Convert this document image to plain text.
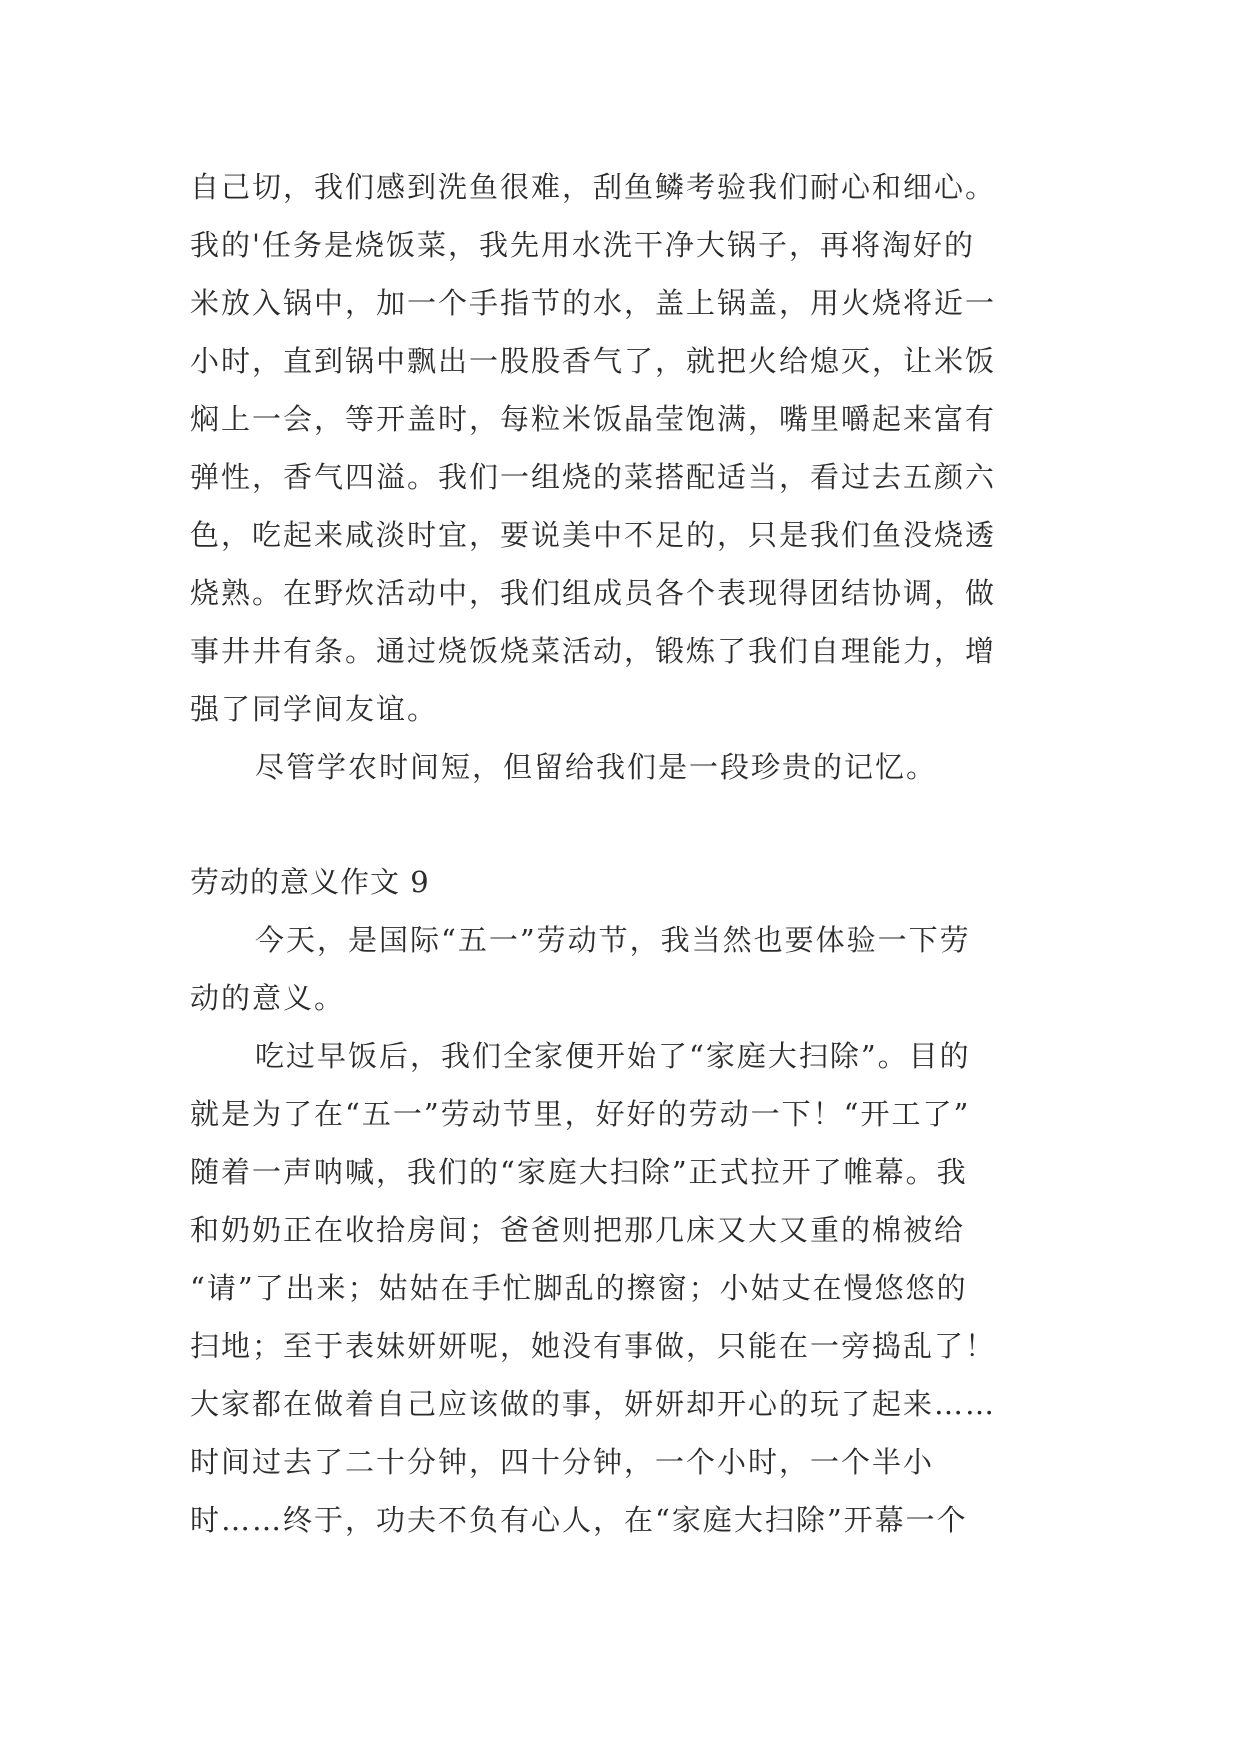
自己切，我们感到洗鱼很难，刮鱼鳞考验我们耐心和细心。
我的'任务是烧饭菜，我先用水洗干净大锅子，再将淘好的
米放入锅中，加一个手指节的水，盖上锅盖，用火烧将近一
小时，直到锅中飘出一股股香气了，就把火给熄灭，让米饭
焖上一会，等开盖时，每粒米饭晶莹饱满，嘴里嚼起来富有
弹性，香气四溢。我们一组烧的菜搭配适当，看过去五颜六
色，吃起来咸淡时宜，要说美中不足的，只是我们鱼没烧透
烧熟。在野炊活动中，我们组成员各个表现得团结协调，做
事井井有条。通过烧饭烧菜活动，锻炼了我们自理能力，增
强了同学间友谊。
尽管学农时间短，但留给我们是一段珍贵的记忆。
劳动的意义作文 9
今天，是国际“五一”劳动节，我当然也要体验一下劳
动的意义。
吃过早饭后，我们全家便开始了“家庭大扫除”。目的
就是为了在“五一”劳动节里，好好的劳动一下！“开工了”
随着一声呐喊，我们的“家庭大扫除”正式拉开了帷幕。我
和奶奶正在收拾房间；爸爸则把那几床又大又重的棉被给
“请”了出来；姑姑在手忙脚乱的擦窗；小姑丈在慢悠悠的
扫地；至于表妹妍妍呢，她没有事做，只能在一旁捣乱了！
大家都在做着自己应该做的事，妍妍却开心的玩了起来……
时间过去了二十分钟，四十分钟，一个小时，一个半小
时……终于，功夫不负有心人，在“家庭大扫除”开幕一个
